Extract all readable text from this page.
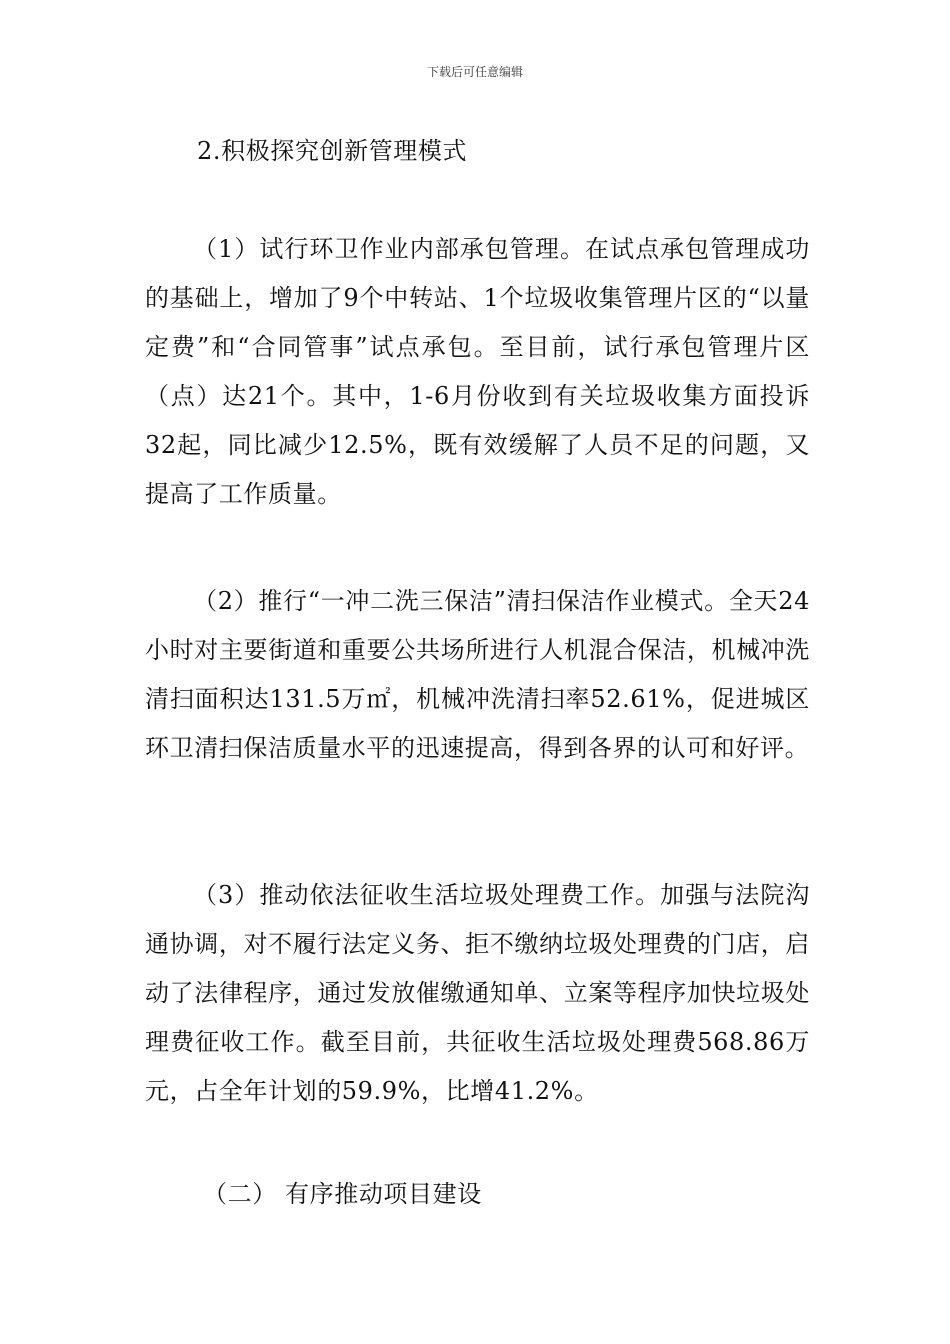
下载后可任意编辑

2.积极探究创新管理模式

（1）试行环卫作业内部承包管理。在试点承包管理成功的基础上，增加了9个中转站、1个垃圾收集管理片区的“以量定费”和“合同管事”试点承包。至目前，试行承包管理片区（点）达21个。其中，1-6月份收到有关垃圾收集方面投诉32起，同比减少12.5%，既有效缓解了人员不足的问题，又提高了工作质量。

（2）推行“一冲二洗三保洁”清扫保洁作业模式。全天24小时对主要街道和重要公共场所进行人机混合保洁，机械冲洗清扫面积达131.5万㎡，机械冲洗清扫率52.61%，促进城区环卫清扫保洁质量水平的迅速提高，得到各界的认可和好评。

（3）推动依法征收生活垃圾处理费工作。加强与法院沟通协调，对不履行法定义务、拒不缴纳垃圾处理费的门店，启动了法律程序，通过发放催缴通知单、立案等程序加快垃圾处理费征收工作。截至目前，共征收生活垃圾处理费568.86万元，占全年计划的59.9%，比增41.2%。

（二） 有序推动项目建设
